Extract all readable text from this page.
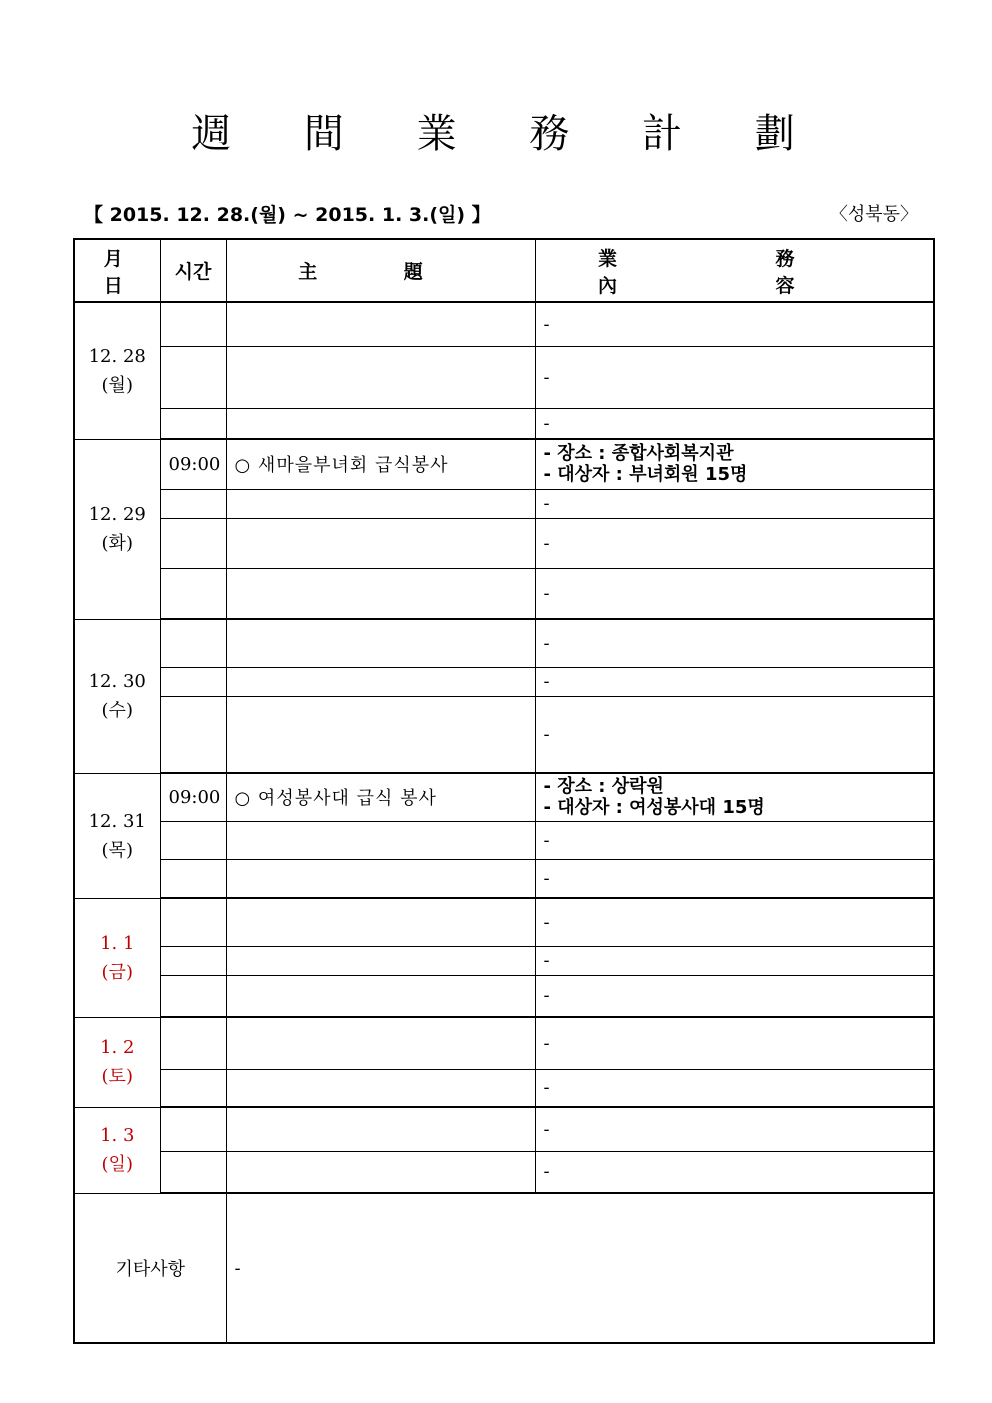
週 間 業 務 計 劃
【 2015. 12. 28.(월) ~ 2015. 1. 3.(일) 】	〈성북동〉
月 日	시간	主 題	業 務 內 容

12. 28
(월)			-

			-

			-

12. 29
(화)	09:00	○ 새마을부녀회 급식봉사	- 장소 : 종합사회복지관
- 대상자 : 부녀회원 15명

			-

			-

			-

12. 30
(수)			-

			-

			-

12. 31
(목)	09:00	○ 여성봉사대 급식 봉사	- 장소 : 상락원
- 대상자 : 여성봉사대 15명

			-

			-

1. 1
(금)			-

			-

			-

1. 2
(토)			-

			-

1. 3
(일)			-

			-

기타사항		-	
